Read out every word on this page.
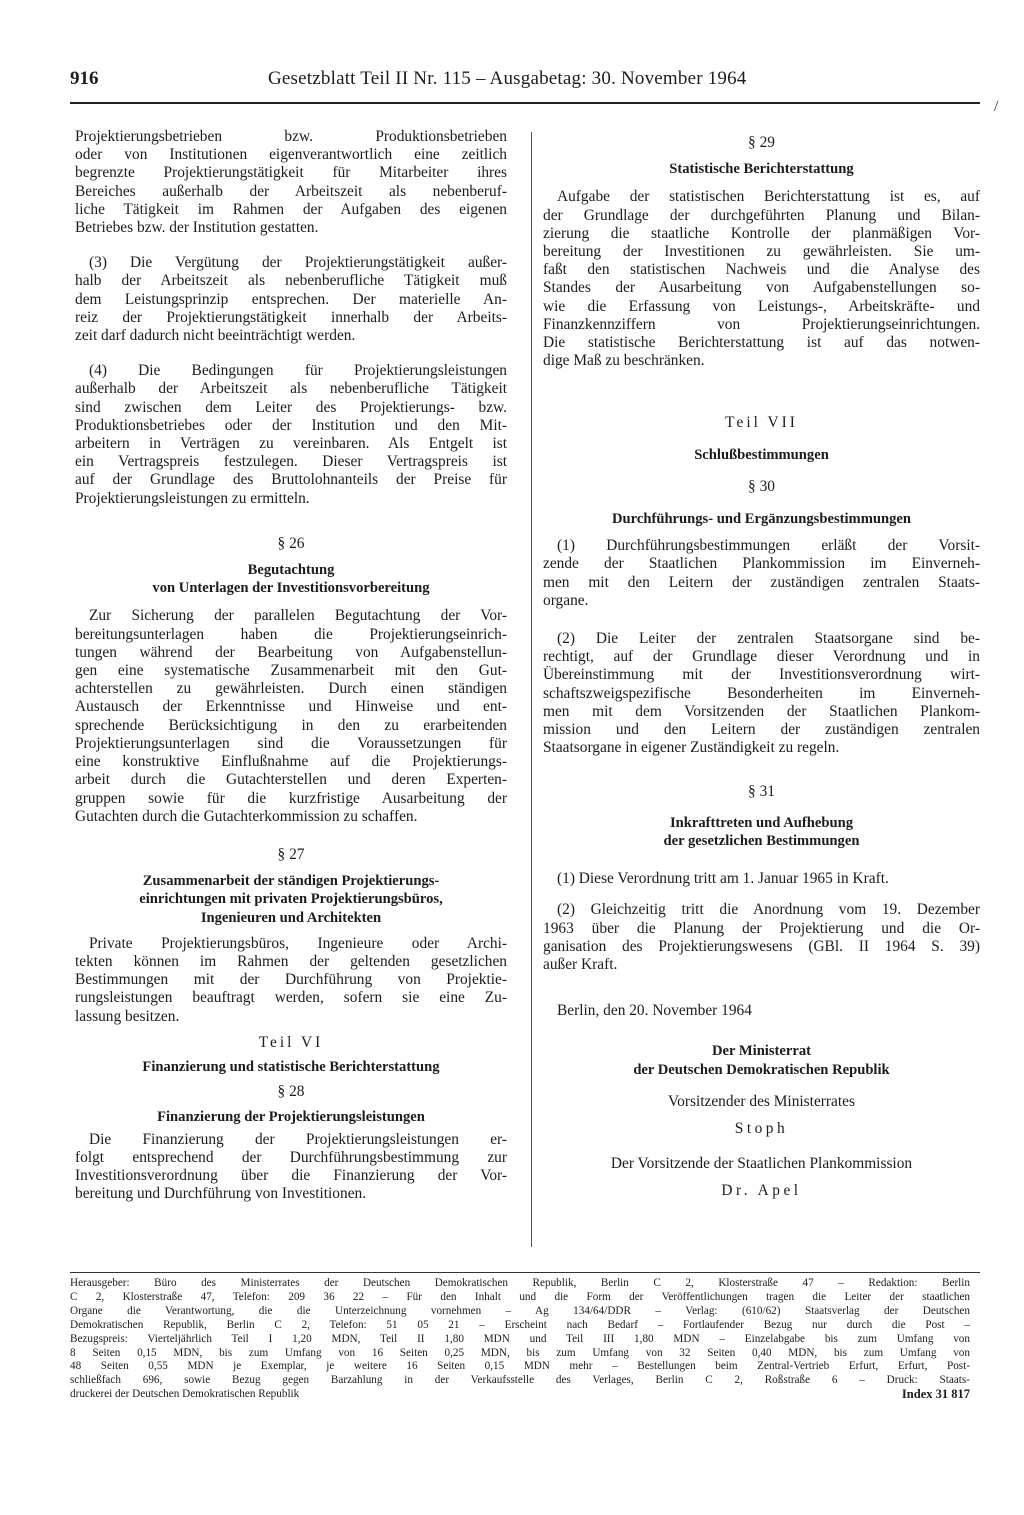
916	Gesetzblatt Teil II Nr. 115 – Ausgabetag: 30. November 1964
/

Projektierungsbetrieben bzw. Produktionsbetrieben

oder von Institutionen eigenverantwortlich eine zeitlich

begrenzte Projektierungstätigkeit für Mitarbeiter ihres

Bereiches außerhalb der Arbeitszeit als nebenberuf-

liche Tätigkeit im Rahmen der Aufgaben des eigenen

Betriebes bzw. der Institution gestatten.

(3) Die Vergütung der Projektierungstätigkeit außer-

halb der Arbeitszeit als nebenberufliche Tätigkeit muß

dem Leistungsprinzip entsprechen. Der materielle An-

reiz der Projektierungstätigkeit innerhalb der Arbeits-

zeit darf dadurch nicht beeinträchtigt werden.

(4) Die Bedingungen für Projektierungsleistungen

außerhalb der Arbeitszeit als nebenberufliche Tätigkeit

sind zwischen dem Leiter des Projektierungs- bzw.

Produktionsbetriebes oder der Institution und den Mit-

arbeitern in Verträgen zu vereinbaren. Als Entgelt ist

ein Vertragspreis festzulegen. Dieser Vertragspreis ist

auf der Grundlage des Bruttolohnanteils der Preise für

Projektierungsleistungen zu ermitteln.

§ 26

Begutachtung

von Unterlagen der Investitionsvorbereitung

Zur Sicherung der parallelen Begutachtung der Vor-

bereitungsunterlagen haben die Projektierungseinrich-

tungen während der Bearbeitung von Aufgabenstellun-

gen eine systematische Zusammenarbeit mit den Gut-

achterstellen zu gewährleisten. Durch einen ständigen

Austausch der Erkenntnisse und Hinweise und ent-

sprechende Berücksichtigung in den zu erarbeitenden

Projektierungsunterlagen sind die Voraussetzungen für

eine konstruktive Einflußnahme auf die Projektierungs-

arbeit durch die Gutachterstellen und deren Experten-

gruppen sowie für die kurzfristige Ausarbeitung der

Gutachten durch die Gutachterkommission zu schaffen.

§ 27

Zusammenarbeit der ständigen Projektierungs-

einrichtungen mit privaten Projektierungsbüros,

Ingenieuren und Architekten

Private Projektierungsbüros, Ingenieure oder Archi-

tekten können im Rahmen der geltenden gesetzlichen

Bestimmungen mit der Durchführung von Projektie-

rungsleistungen beauftragt werden, sofern sie eine Zu-

lassung besitzen.

Teil VI

Finanzierung und statistische Berichterstattung

§ 28

Finanzierung der Projektierungsleistungen

Die Finanzierung der Projektierungsleistungen er-

folgt entsprechend der Durchführungsbestimmung zur

Investitionsverordnung über die Finanzierung der Vor-

bereitung und Durchführung von Investitionen.

§ 29

Statistische Berichterstattung

Aufgabe der statistischen Berichterstattung ist es, auf

der Grundlage der durchgeführten Planung und Bilan-

zierung die staatliche Kontrolle der planmäßigen Vor-

bereitung der Investitionen zu gewährleisten. Sie um-

faßt den statistischen Nachweis und die Analyse des

Standes der Ausarbeitung von Aufgabenstellungen so-

wie die Erfassung von Leistungs-, Arbeitskräfte- und

Finanzkennziffern von Projektierungseinrichtungen.

Die statistische Berichterstattung ist auf das notwen-

dige Maß zu beschränken.

Teil VII

Schlußbestimmungen

§ 30

Durchführungs- und Ergänzungsbestimmungen

(1) Durchführungsbestimmungen erläßt der Vorsit-

zende der Staatlichen Plankommission im Einverneh-

men mit den Leitern der zuständigen zentralen Staats-

organe.

(2) Die Leiter der zentralen Staatsorgane sind be-

rechtigt, auf der Grundlage dieser Verordnung und in

Übereinstimmung mit der Investitionsverordnung wirt-

schaftszweigspezifische Besonderheiten im Einverneh-

men mit dem Vorsitzenden der Staatlichen Plankom-

mission und den Leitern der zuständigen zentralen

Staatsorgane in eigener Zuständigkeit zu regeln.

§ 31

Inkrafttreten und Aufhebung

der gesetzlichen Bestimmungen

(1) Diese Verordnung tritt am 1. Januar 1965 in Kraft.

(2) Gleichzeitig tritt die Anordnung vom 19. Dezember

1963 über die Planung der Projektierung und die Or-

ganisation des Projektierungswesens (GBl. II 1964 S. 39)

außer Kraft.

Berlin, den 20. November 1964

Der Ministerrat

der Deutschen Demokratischen Republik

Vorsitzender des Ministerrates

Stoph

Der Vorsitzende der Staatlichen Plankommission

Dr. Apel

Herausgeber: Büro des Ministerrates der Deutschen Demokratischen Republik, Berlin C 2, Klosterstraße 47 – Redaktion: Berlin

C 2, Klosterstraße 47, Telefon: 209 36 22 – Für den Inhalt und die Form der Veröffentlichungen tragen die Leiter der staatlichen

Organe die Verantwortung, die die Unterzeichnung vornehmen – Ag 134/64/DDR – Verlag: (610/62) Staatsverlag der Deutschen

Demokratischen Republik, Berlin C 2, Telefon: 51 05 21 – Erscheint nach Bedarf – Fortlaufender Bezug nur durch die Post –

Bezugspreis: Vierteljährlich Teil I 1,20 MDN, Teil II 1,80 MDN und Teil III 1,80 MDN – Einzelabgabe bis zum Umfang von

8 Seiten 0,15 MDN, bis zum Umfang von 16 Seiten 0,25 MDN, bis zum Umfang von 32 Seiten 0,40 MDN, bis zum Umfang von

48 Seiten 0,55 MDN je Exemplar, je weitere 16 Seiten 0,15 MDN mehr – Bestellungen beim Zentral-Vertrieb Erfurt, Erfurt, Post-

schließfach 696, sowie Bezug gegen Barzahlung in der Verkaufsstelle des Verlages, Berlin C 2, Roßstraße 6 – Druck: Staats-

druckerei der Deutschen Demokratischen Republik	Index 31 817
